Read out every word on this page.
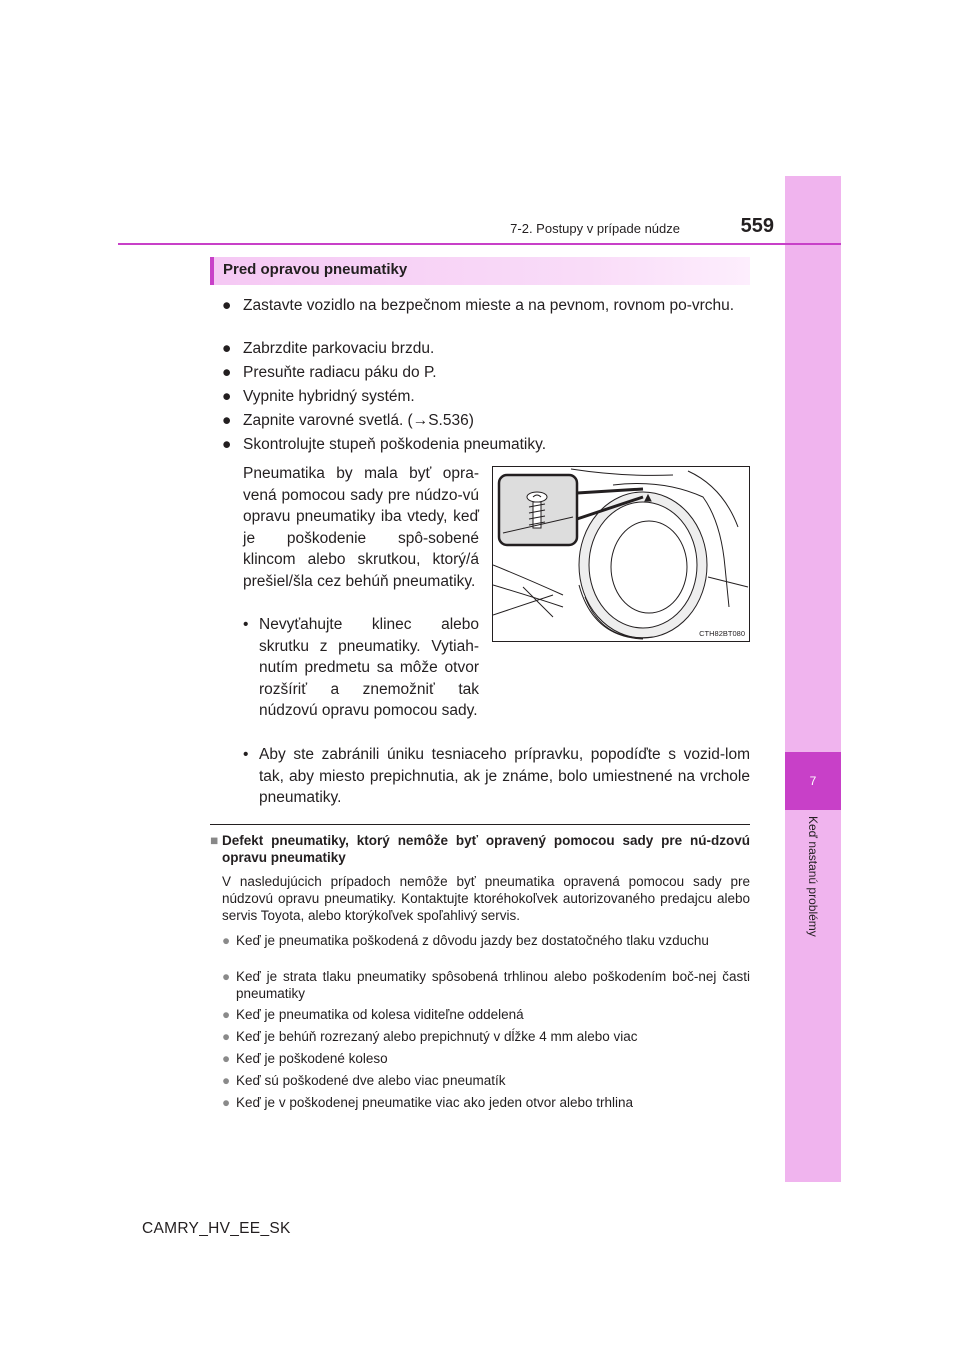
7
Keď nastanú problémy
7-2. Postupy v prípade núdze	559
Pred opravou pneumatiky
● Zastavte vozidlo na bezpečnom mieste a na pevnom, rovnom po-vrchu.
● Zabrzdite parkovaciu brzdu.
● Presuňte radiacu páku do P.
● Vypnite hybridný systém.
● Zapnite varovné svetlá. (→S.536)
● Skontrolujte stupeň poškodenia pneumatiky.
Pneumatika by mala byť opra-vená pomocou sady pre núdzo-vú opravu pneumatiky iba vtedy, keď je poškodenie spô-sobené klincom alebo skrutkou, ktorý/á prešiel/šla cez behúň pneumatiky.
• Nevyťahujte klinec alebo skrutku z pneumatiky. Vytiah-nutím predmetu sa môže otvor rozšíriť a znemožniť tak núdzovú opravu pomocou sady.
• Aby ste zabránili úniku tesniaceho prípravku, popodíďte s vozid-lom tak, aby miesto prepichnutia, ak je známe, bolo umiestnené na vrchole pneumatiky.
CTH82BT080
■ Defekt pneumatiky, ktorý nemôže byť opravený pomocou sady pre nú-dzovú opravu pneumatiky
V nasledujúcich prípadoch nemôže byť pneumatika opravená pomocou sady pre núdzovú opravu pneumatiky. Kontaktujte ktoréhokoľvek autorizovaného predajcu alebo servis Toyota, alebo ktorýkoľvek spoľahlivý servis.
● Keď je pneumatika poškodená z dôvodu jazdy bez dostatočného tlaku vzduchu
● Keď je strata tlaku pneumatiky spôsobená trhlinou alebo poškodením boč-nej časti pneumatiky
● Keď je pneumatika od kolesa viditeľne oddelená
● Keď je behúň rozrezaný alebo prepichnutý v dĺžke 4 mm alebo viac
● Keď je poškodené koleso
● Keď sú poškodené dve alebo viac pneumatík
● Keď je v poškodenej pneumatike viac ako jeden otvor alebo trhlina
CAMRY_HV_EE_SK
